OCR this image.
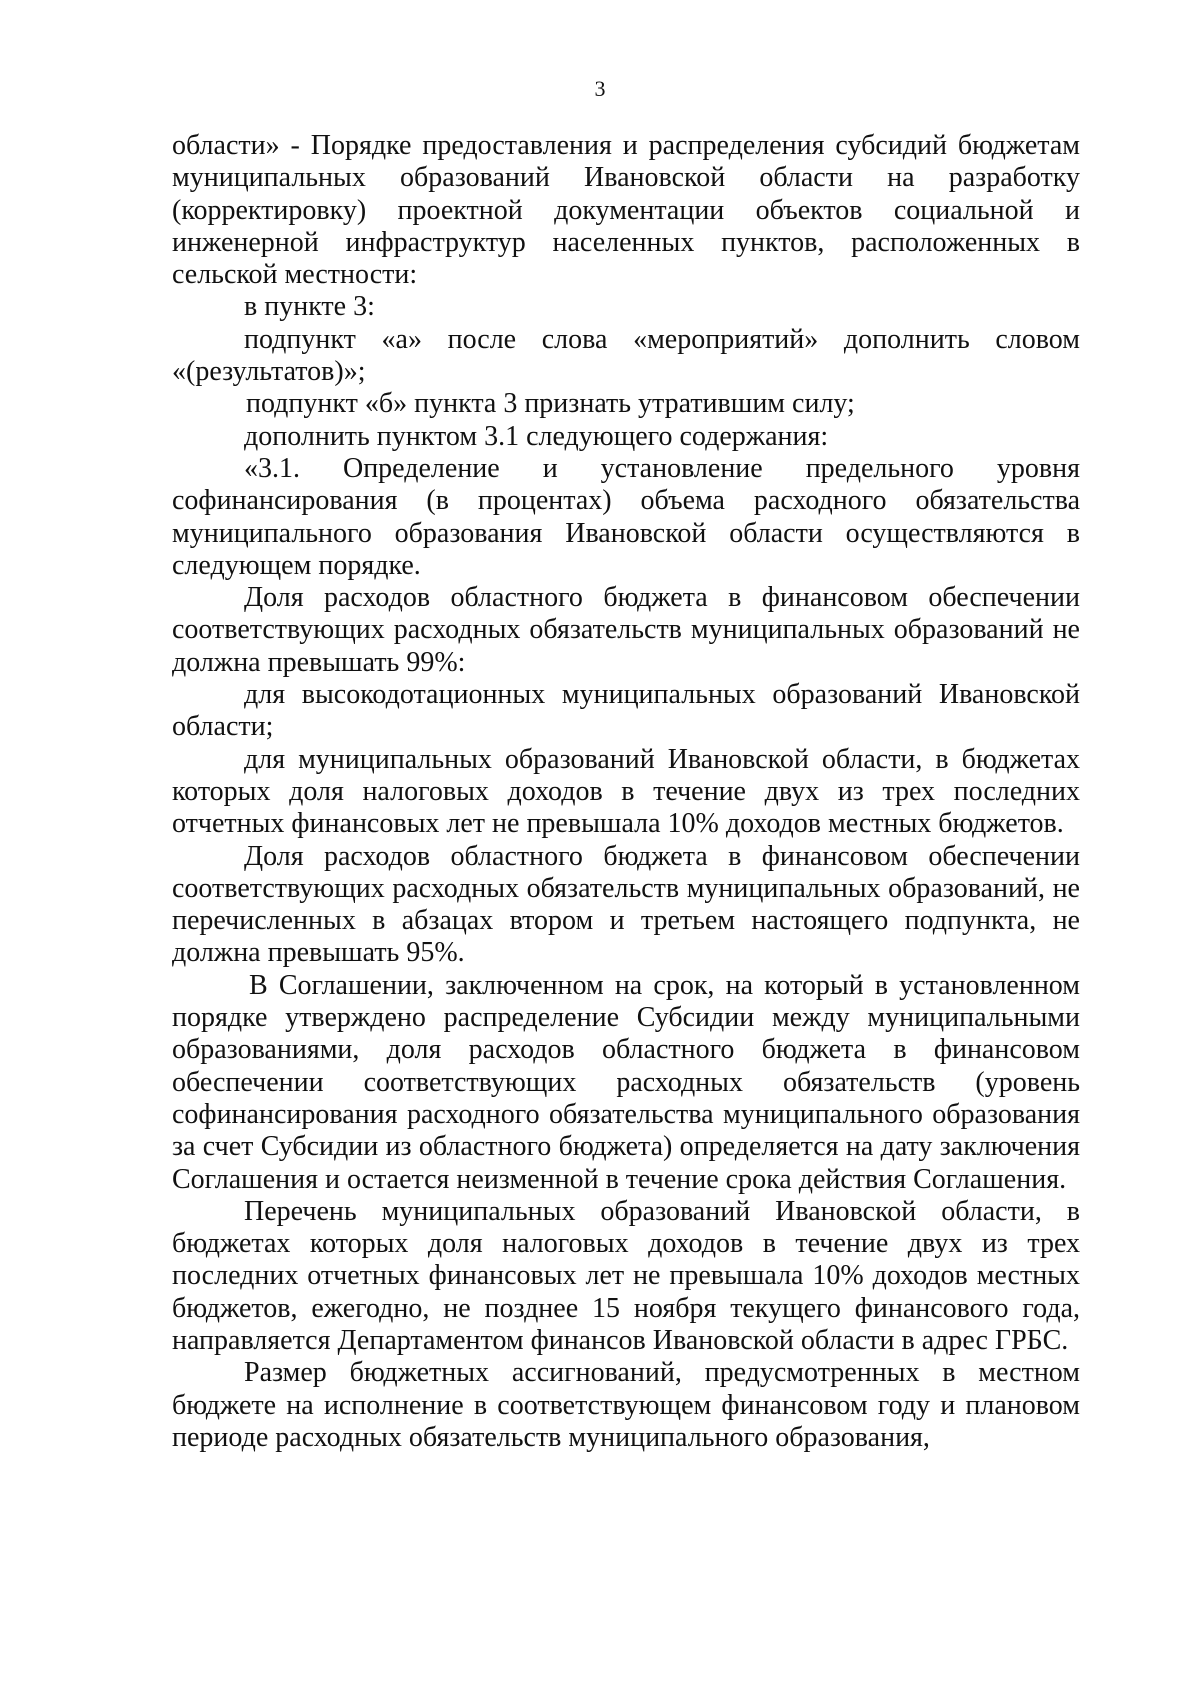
3

области» - Порядке предоставления и распределения субсидий бюджетам муниципальных образований Ивановской области на разработку (корректировку) проектной документации объектов социальной и инженерной инфраструктур населенных пунктов, расположенных в сельской местности:

в пункте 3:

подпункт «а» после слова «мероприятий» дополнить словом «(результатов)»;

подпункт «б» пункта 3 признать утратившим силу;

дополнить пунктом 3.1 следующего содержания:

«3.1. Определение и установление предельного уровня софинансирования (в процентах) объема расходного обязательства муниципального образования Ивановской области осуществляются в следующем порядке.

Доля расходов областного бюджета в финансовом обеспечении соответствующих расходных обязательств муниципальных образований не должна превышать 99%:

для высокодотационных муниципальных образований Ивановской области;

для муниципальных образований Ивановской области, в бюджетах которых доля налоговых доходов в течение двух из трех последних отчетных финансовых лет не превышала 10% доходов местных бюджетов.

Доля расходов областного бюджета в финансовом обеспечении соответствующих расходных обязательств муниципальных образований, не перечисленных в абзацах втором и третьем настоящего подпункта, не должна превышать 95%.

В Соглашении, заключенном на срок, на который в установленном порядке утверждено распределение Субсидии между муниципальными образованиями, доля расходов областного бюджета в финансовом обеспечении соответствующих расходных обязательств (уровень софинансирования расходного обязательства муниципального образования за счет Субсидии из областного бюджета) определяется на дату заключения Соглашения и остается неизменной в течение срока действия Соглашения.

Перечень муниципальных образований Ивановской области, в бюджетах которых доля налоговых доходов в течение двух из трех последних отчетных финансовых лет не превышала 10% доходов местных бюджетов, ежегодно, не позднее 15 ноября текущего финансового года, направляется Департаментом финансов Ивановской области в адрес ГРБС.

Размер бюджетных ассигнований, предусмотренных в местном бюджете на исполнение в соответствующем финансовом году и плановом периоде расходных обязательств муниципального образования,
